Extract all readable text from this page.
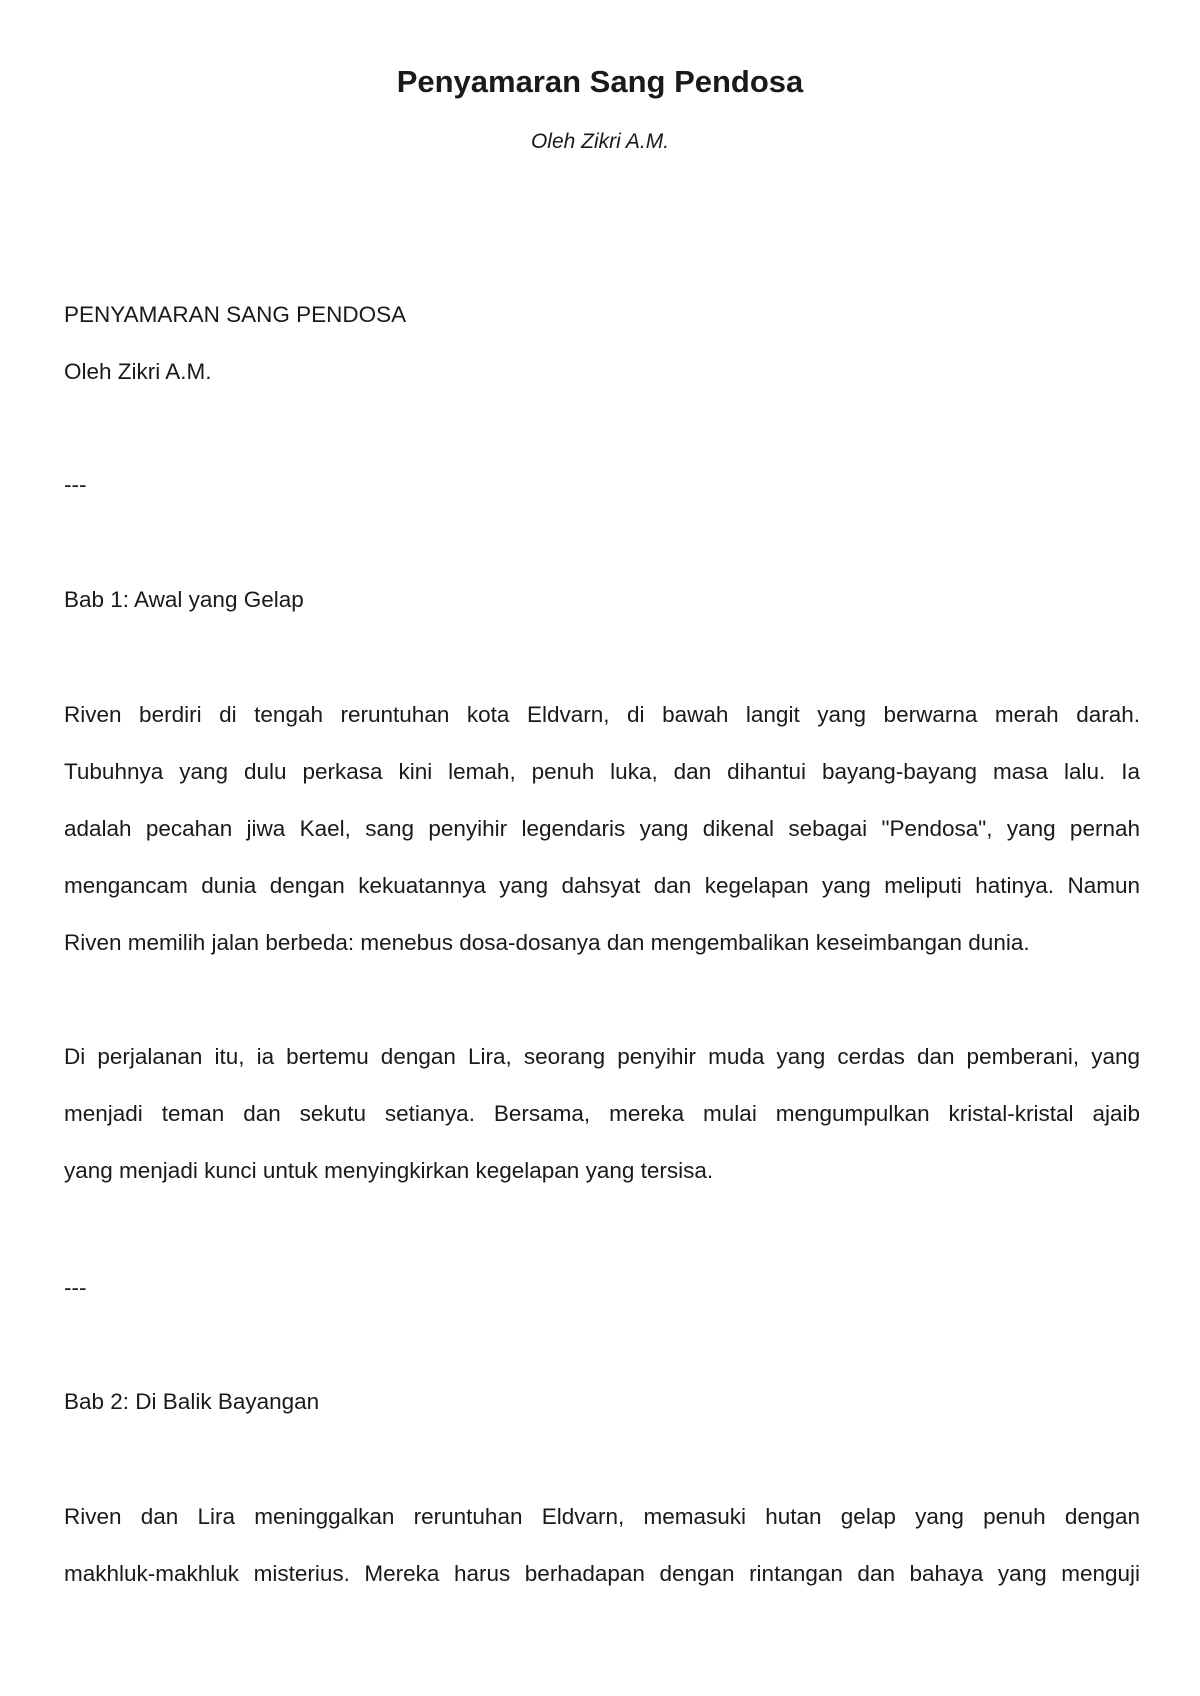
Penyamaran Sang Pendosa
Oleh Zikri A.M.
PENYAMARAN SANG PENDOSA
Oleh Zikri A.M.
---
Bab 1: Awal yang Gelap
Riven berdiri di tengah reruntuhan kota Eldvarn, di bawah langit yang berwarna merah darah.
Tubuhnya yang dulu perkasa kini lemah, penuh luka, dan dihantui bayang-bayang masa lalu. Ia
adalah pecahan jiwa Kael, sang penyihir legendaris yang dikenal sebagai "Pendosa", yang pernah
mengancam dunia dengan kekuatannya yang dahsyat dan kegelapan yang meliputi hatinya. Namun
Riven memilih jalan berbeda: menebus dosa-dosanya dan mengembalikan keseimbangan dunia.
Di perjalanan itu, ia bertemu dengan Lira, seorang penyihir muda yang cerdas dan pemberani, yang
menjadi teman dan sekutu setianya. Bersama, mereka mulai mengumpulkan kristal-kristal ajaib
yang menjadi kunci untuk menyingkirkan kegelapan yang tersisa.
---
Bab 2: Di Balik Bayangan
Riven dan Lira meninggalkan reruntuhan Eldvarn, memasuki hutan gelap yang penuh dengan
makhluk-makhluk misterius. Mereka harus berhadapan dengan rintangan dan bahaya yang menguji
